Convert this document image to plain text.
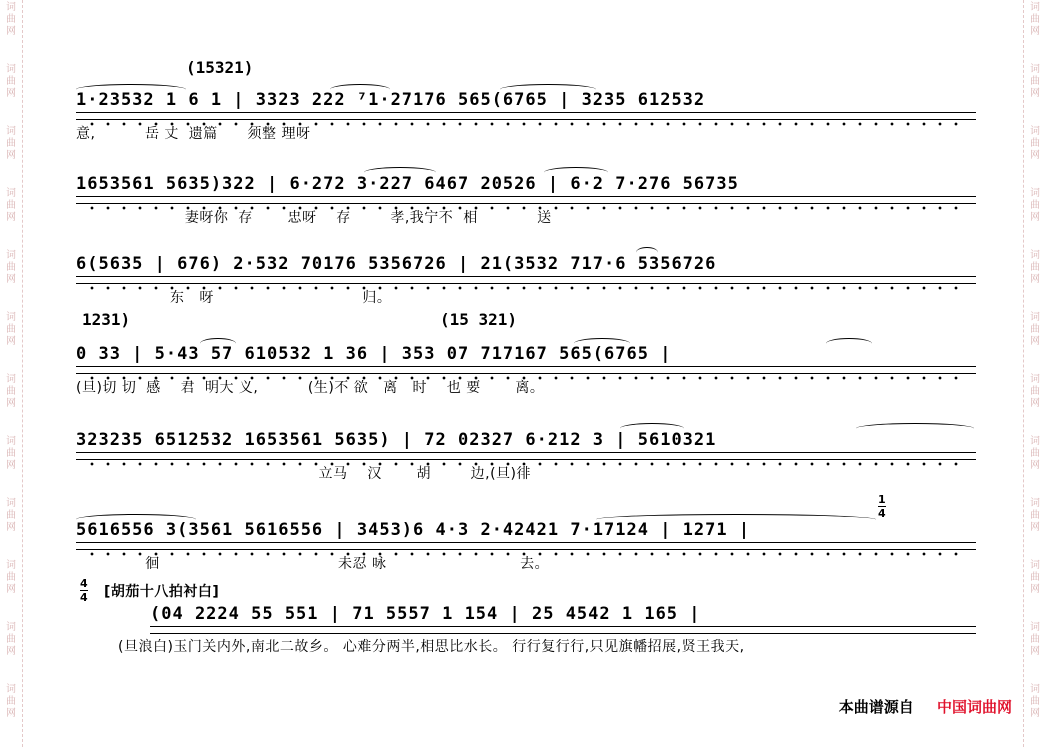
词
曲
网
词
曲
网
词
曲
网
词
曲
网
词
曲
网
词
曲
网
词
曲
网
词
曲
网
词
曲
网
词
曲
网
词
曲
网
词
曲
网
词
曲
网
词
曲
网
词
曲
网
词
曲
网
词
曲
网
词
曲
网
词
曲
网
词
曲
网
词
曲
网
词
曲
网
词
曲
网
词
曲
网
(15321)
1·23532 1 6 1 | 3323 222 ⁷1·27176 565(6765 | 3235 612532
意,          岳 丈  遗篇      须整 理呀
1653561 5635)322 | 6·272 3·227 6467 20526 | 6·2 7·276 56735
妻呀你  存       忠呀    存        孝,我宁不  相            送
6(5635 | 676) 2·532 70176 5356726 | 21(3532 717·6 5356726
东   呀                              归。
1231)	(15 321)
0 33 | 5·43 57 610532 1 36 | 353 07 717167 565(6765 |
(旦)切 切  感    君  明大 义,          (生)不 欲   离   时    也 要       离。
323235 6512532 1653561 5635) | 72 02327 6·212 3 | 5610321
立马    汉       胡        边,(旦)徘
1
4
5616556 3(3561 5616556 | 3453)6 4·3 2·42421 7·17124 | 1271 |
徊                                    未忍 咏                           去。
4
4 [胡茄十八拍衬白]
(04 2224 55 551 | 71 5557 1 154 | 25 4542 1 165 |
(旦浪白)玉门关内外,南北二故乡。 心难分两半,相思比水长。 行行复行行,只见旗幡招展,贤王我天,
本曲谱源自 中国词曲网
